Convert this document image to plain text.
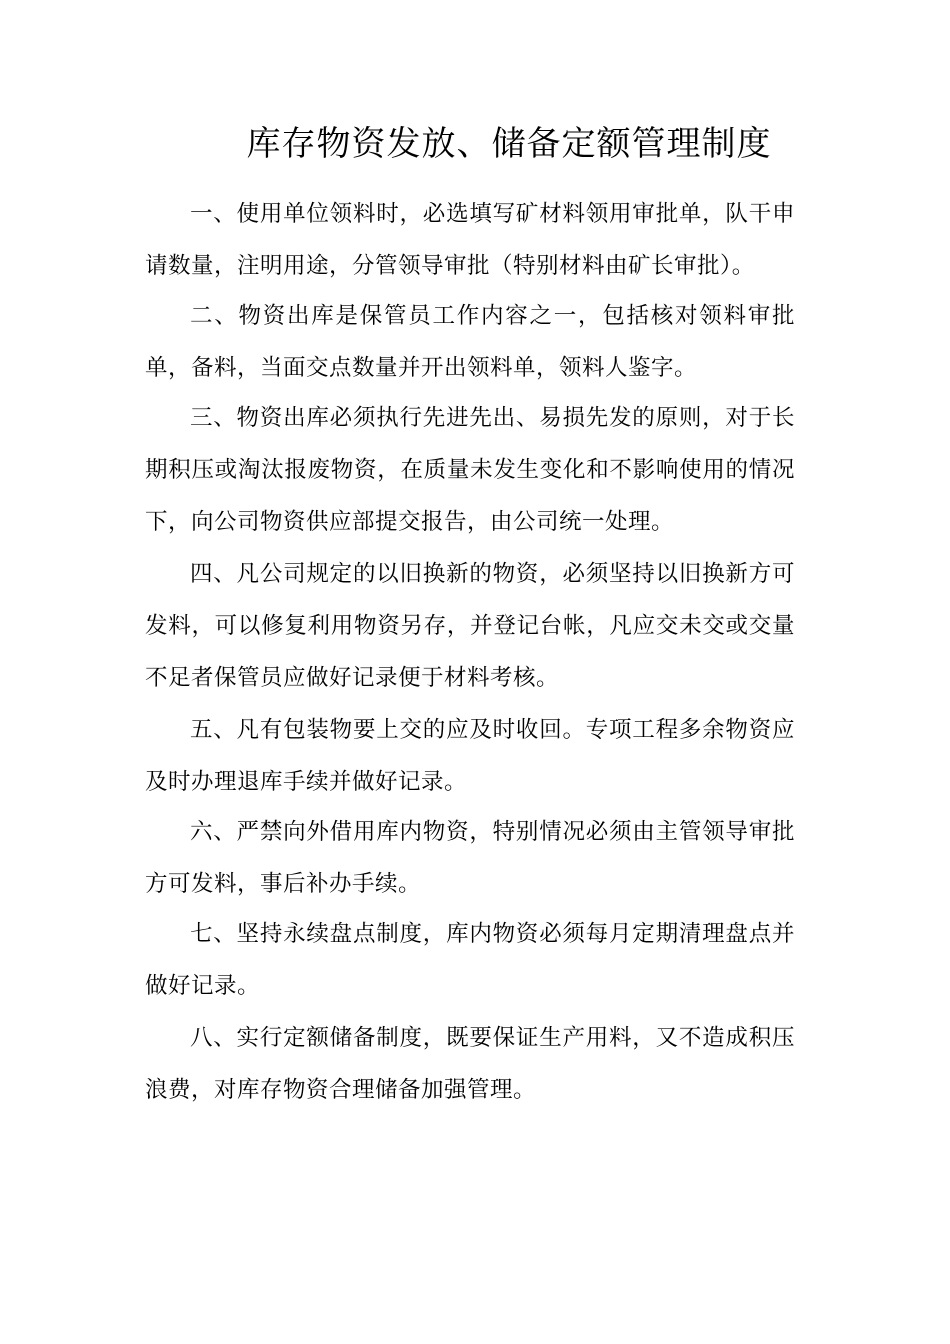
库存物资发放、储备定额管理制度

一、使用单位领料时，必选填写矿材料领用审批单，队干申请数量，注明用途，分管领导审批（特别材料由矿长审批）。

二、物资出库是保管员工作内容之一，包括核对领料审批单，备料，当面交点数量并开出领料单，领料人鉴字。

三、物资出库必须执行先进先出、易损先发的原则，对于长期积压或淘汰报废物资，在质量未发生变化和不影响使用的情况下，向公司物资供应部提交报告，由公司统一处理。

四、凡公司规定的以旧换新的物资，必须坚持以旧换新方可发料，可以修复利用物资另存，并登记台帐，凡应交未交或交量不足者保管员应做好记录便于材料考核。

五、凡有包装物要上交的应及时收回。专项工程多余物资应及时办理退库手续并做好记录。

六、严禁向外借用库内物资，特别情况必须由主管领导审批方可发料，事后补办手续。

七、坚持永续盘点制度，库内物资必须每月定期清理盘点并做好记录。

八、实行定额储备制度，既要保证生产用料，又不造成积压浪费，对库存物资合理储备加强管理。
